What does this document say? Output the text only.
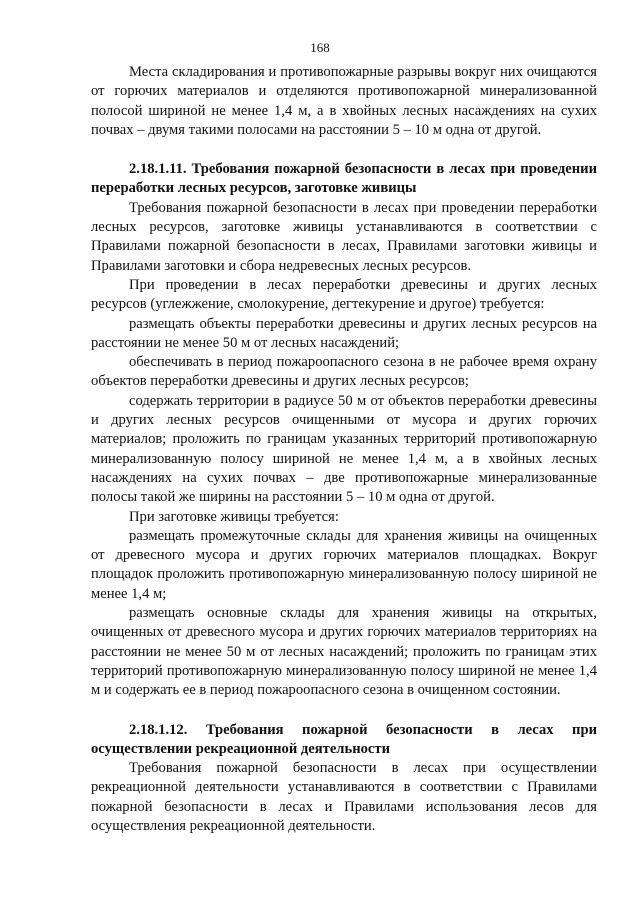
168

Места складирования и противопожарные разрывы вокруг них очищаются от горючих материалов и отделяются противопожарной минерализованной полосой шириной не менее 1,4 м, а в хвойных лесных насаждениях на сухих почвах – двумя такими полосами на расстоянии 5 – 10 м одна от другой.

2.18.1.11. Требования пожарной безопасности в лесах при проведении переработки лесных ресурсов, заготовке живицы

Требования пожарной безопасности в лесах при проведении переработки лесных ресурсов, заготовке живицы устанавливаются в соответствии с Правилами пожарной безопасности в лесах, Правилами заготовки живицы и Правилами заготовки и сбора недревесных лесных ресурсов.

При проведении в лесах переработки древесины и других лесных ресурсов (углежжение, смолокурение, дегтекурение и другое) требуется:

размещать объекты переработки древесины и других лесных ресурсов на расстоянии не менее 50 м от лесных насаждений;

обеспечивать в период пожароопасного сезона в не рабочее время охрану объектов переработки древесины и других лесных ресурсов;

содержать территории в радиусе 50 м от объектов переработки древесины и других лесных ресурсов очищенными от мусора и других горючих материалов; проложить по границам указанных территорий противопожарную минерализованную полосу шириной не менее 1,4 м, а в хвойных лесных насаждениях на сухих почвах – две противопожарные минерализованные полосы такой же ширины на расстоянии 5 – 10 м одна от другой.

При заготовке живицы требуется:

размещать промежуточные склады для хранения живицы на очищенных от древесного мусора и других горючих материалов площадках. Вокруг площадок проложить противопожарную минерализованную полосу шириной не менее 1,4 м;

размещать основные склады для хранения живицы на открытых, очищенных от древесного мусора и других горючих материалов территориях на расстоянии не менее 50 м от лесных насаждений; проложить по границам этих территорий противопожарную минерализованную полосу шириной не менее 1,4 м и содержать ее в период пожароопасного сезона в очищенном состоянии.

2.18.1.12. Требования пожарной безопасности в лесах при осуществлении рекреационной деятельности

Требования пожарной безопасности в лесах при осуществлении рекреационной деятельности устанавливаются в соответствии с Правилами пожарной безопасности в лесах и Правилами использования лесов для осуществления рекреационной деятельности.
